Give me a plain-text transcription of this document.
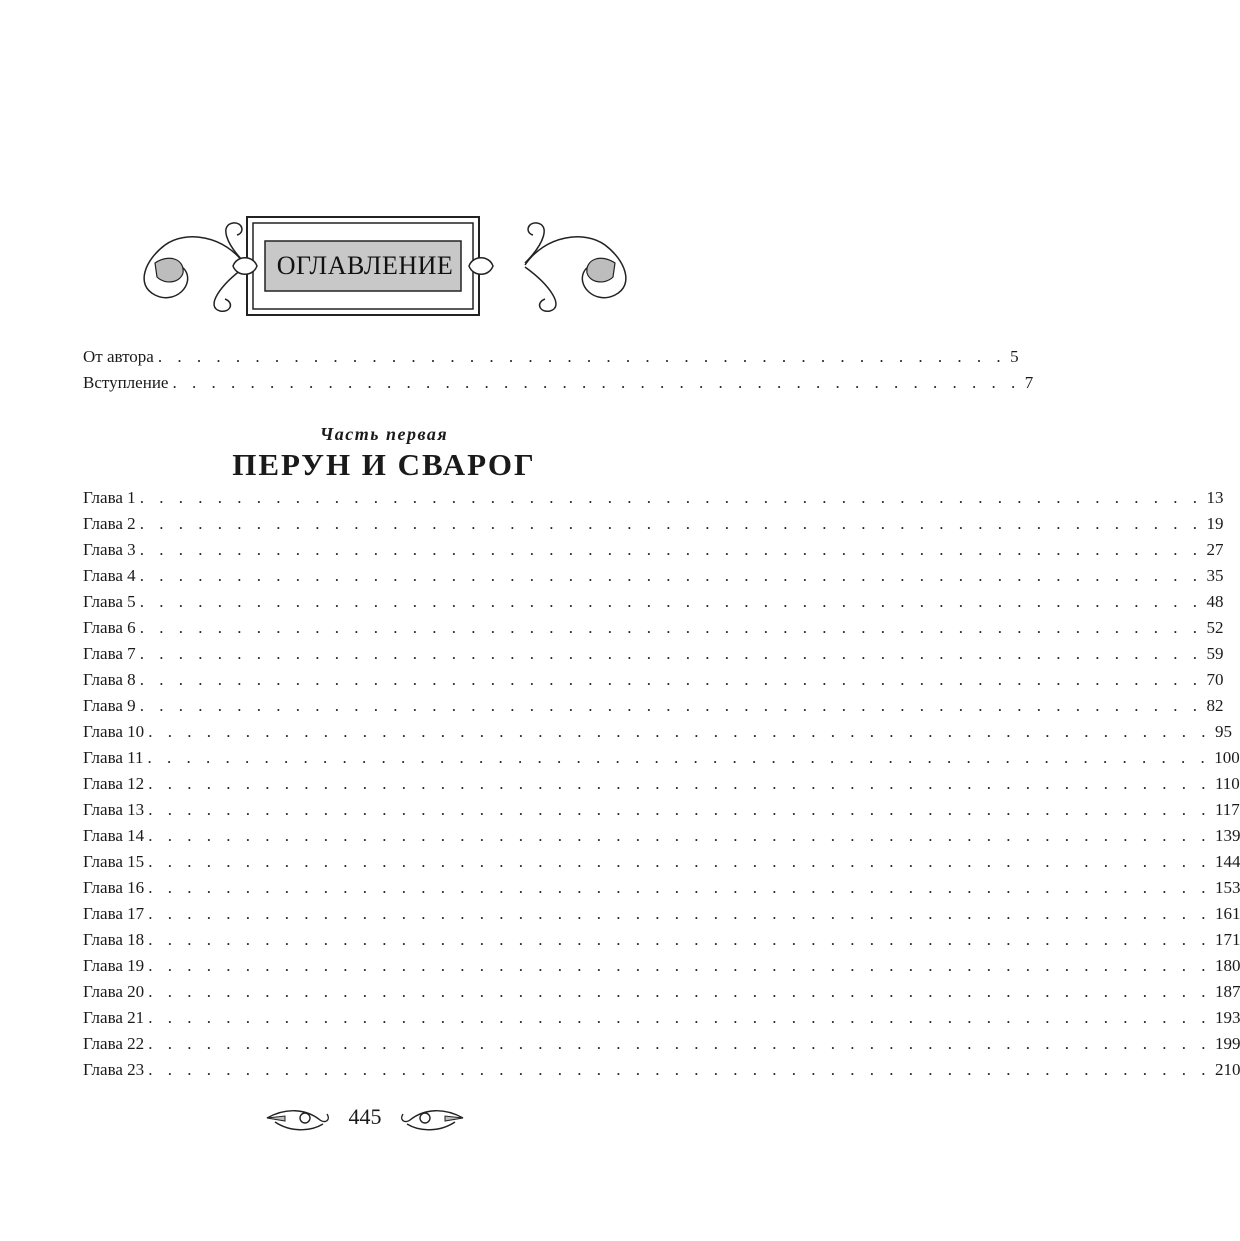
ОГЛАВЛЕНИЕ
От автора . . . . . . . . . . . . . . . . . . . . . . . . . . . . . . . . . . . . . . . . . . . . 5
Вступление . . . . . . . . . . . . . . . . . . . . . . . . . . . . . . . . . . . . . . . . . . . . 7
Часть первая
ПЕРУН И СВАРОГ
Глава 1 . . . . . . . . . . . . . . . . . . . . . . . . . . . . . . . . . . . . . . . . . . . . . . . . . . . . . . . 13
Глава 2 . . . . . . . . . . . . . . . . . . . . . . . . . . . . . . . . . . . . . . . . . . . . . . . . . . . . . . . 19
Глава 3 . . . . . . . . . . . . . . . . . . . . . . . . . . . . . . . . . . . . . . . . . . . . . . . . . . . . . . . 27
Глава 4 . . . . . . . . . . . . . . . . . . . . . . . . . . . . . . . . . . . . . . . . . . . . . . . . . . . . . . . 35
Глава 5 . . . . . . . . . . . . . . . . . . . . . . . . . . . . . . . . . . . . . . . . . . . . . . . . . . . . . . . 48
Глава 6 . . . . . . . . . . . . . . . . . . . . . . . . . . . . . . . . . . . . . . . . . . . . . . . . . . . . . . . 52
Глава 7 . . . . . . . . . . . . . . . . . . . . . . . . . . . . . . . . . . . . . . . . . . . . . . . . . . . . . . . 59
Глава 8 . . . . . . . . . . . . . . . . . . . . . . . . . . . . . . . . . . . . . . . . . . . . . . . . . . . . . . . 70
Глава 9 . . . . . . . . . . . . . . . . . . . . . . . . . . . . . . . . . . . . . . . . . . . . . . . . . . . . . . . 82
Глава 10 . . . . . . . . . . . . . . . . . . . . . . . . . . . . . . . . . . . . . . . . . . . . . . . . . . . . . . . 95
Глава 11 . . . . . . . . . . . . . . . . . . . . . . . . . . . . . . . . . . . . . . . . . . . . . . . . . . . . . . . 100
Глава 12 . . . . . . . . . . . . . . . . . . . . . . . . . . . . . . . . . . . . . . . . . . . . . . . . . . . . . . . 110
Глава 13 . . . . . . . . . . . . . . . . . . . . . . . . . . . . . . . . . . . . . . . . . . . . . . . . . . . . . . . 117
Глава 14 . . . . . . . . . . . . . . . . . . . . . . . . . . . . . . . . . . . . . . . . . . . . . . . . . . . . . . . 139
Глава 15 . . . . . . . . . . . . . . . . . . . . . . . . . . . . . . . . . . . . . . . . . . . . . . . . . . . . . . . 144
Глава 16 . . . . . . . . . . . . . . . . . . . . . . . . . . . . . . . . . . . . . . . . . . . . . . . . . . . . . . . 153
Глава 17 . . . . . . . . . . . . . . . . . . . . . . . . . . . . . . . . . . . . . . . . . . . . . . . . . . . . . . . 161
Глава 18 . . . . . . . . . . . . . . . . . . . . . . . . . . . . . . . . . . . . . . . . . . . . . . . . . . . . . . . 171
Глава 19 . . . . . . . . . . . . . . . . . . . . . . . . . . . . . . . . . . . . . . . . . . . . . . . . . . . . . . . 180
Глава 20 . . . . . . . . . . . . . . . . . . . . . . . . . . . . . . . . . . . . . . . . . . . . . . . . . . . . . . . 187
Глава 21 . . . . . . . . . . . . . . . . . . . . . . . . . . . . . . . . . . . . . . . . . . . . . . . . . . . . . . . 193
Глава 22 . . . . . . . . . . . . . . . . . . . . . . . . . . . . . . . . . . . . . . . . . . . . . . . . . . . . . . . 199
Глава 23 . . . . . . . . . . . . . . . . . . . . . . . . . . . . . . . . . . . . . . . . . . . . . . . . . . . . . . . 210
445
